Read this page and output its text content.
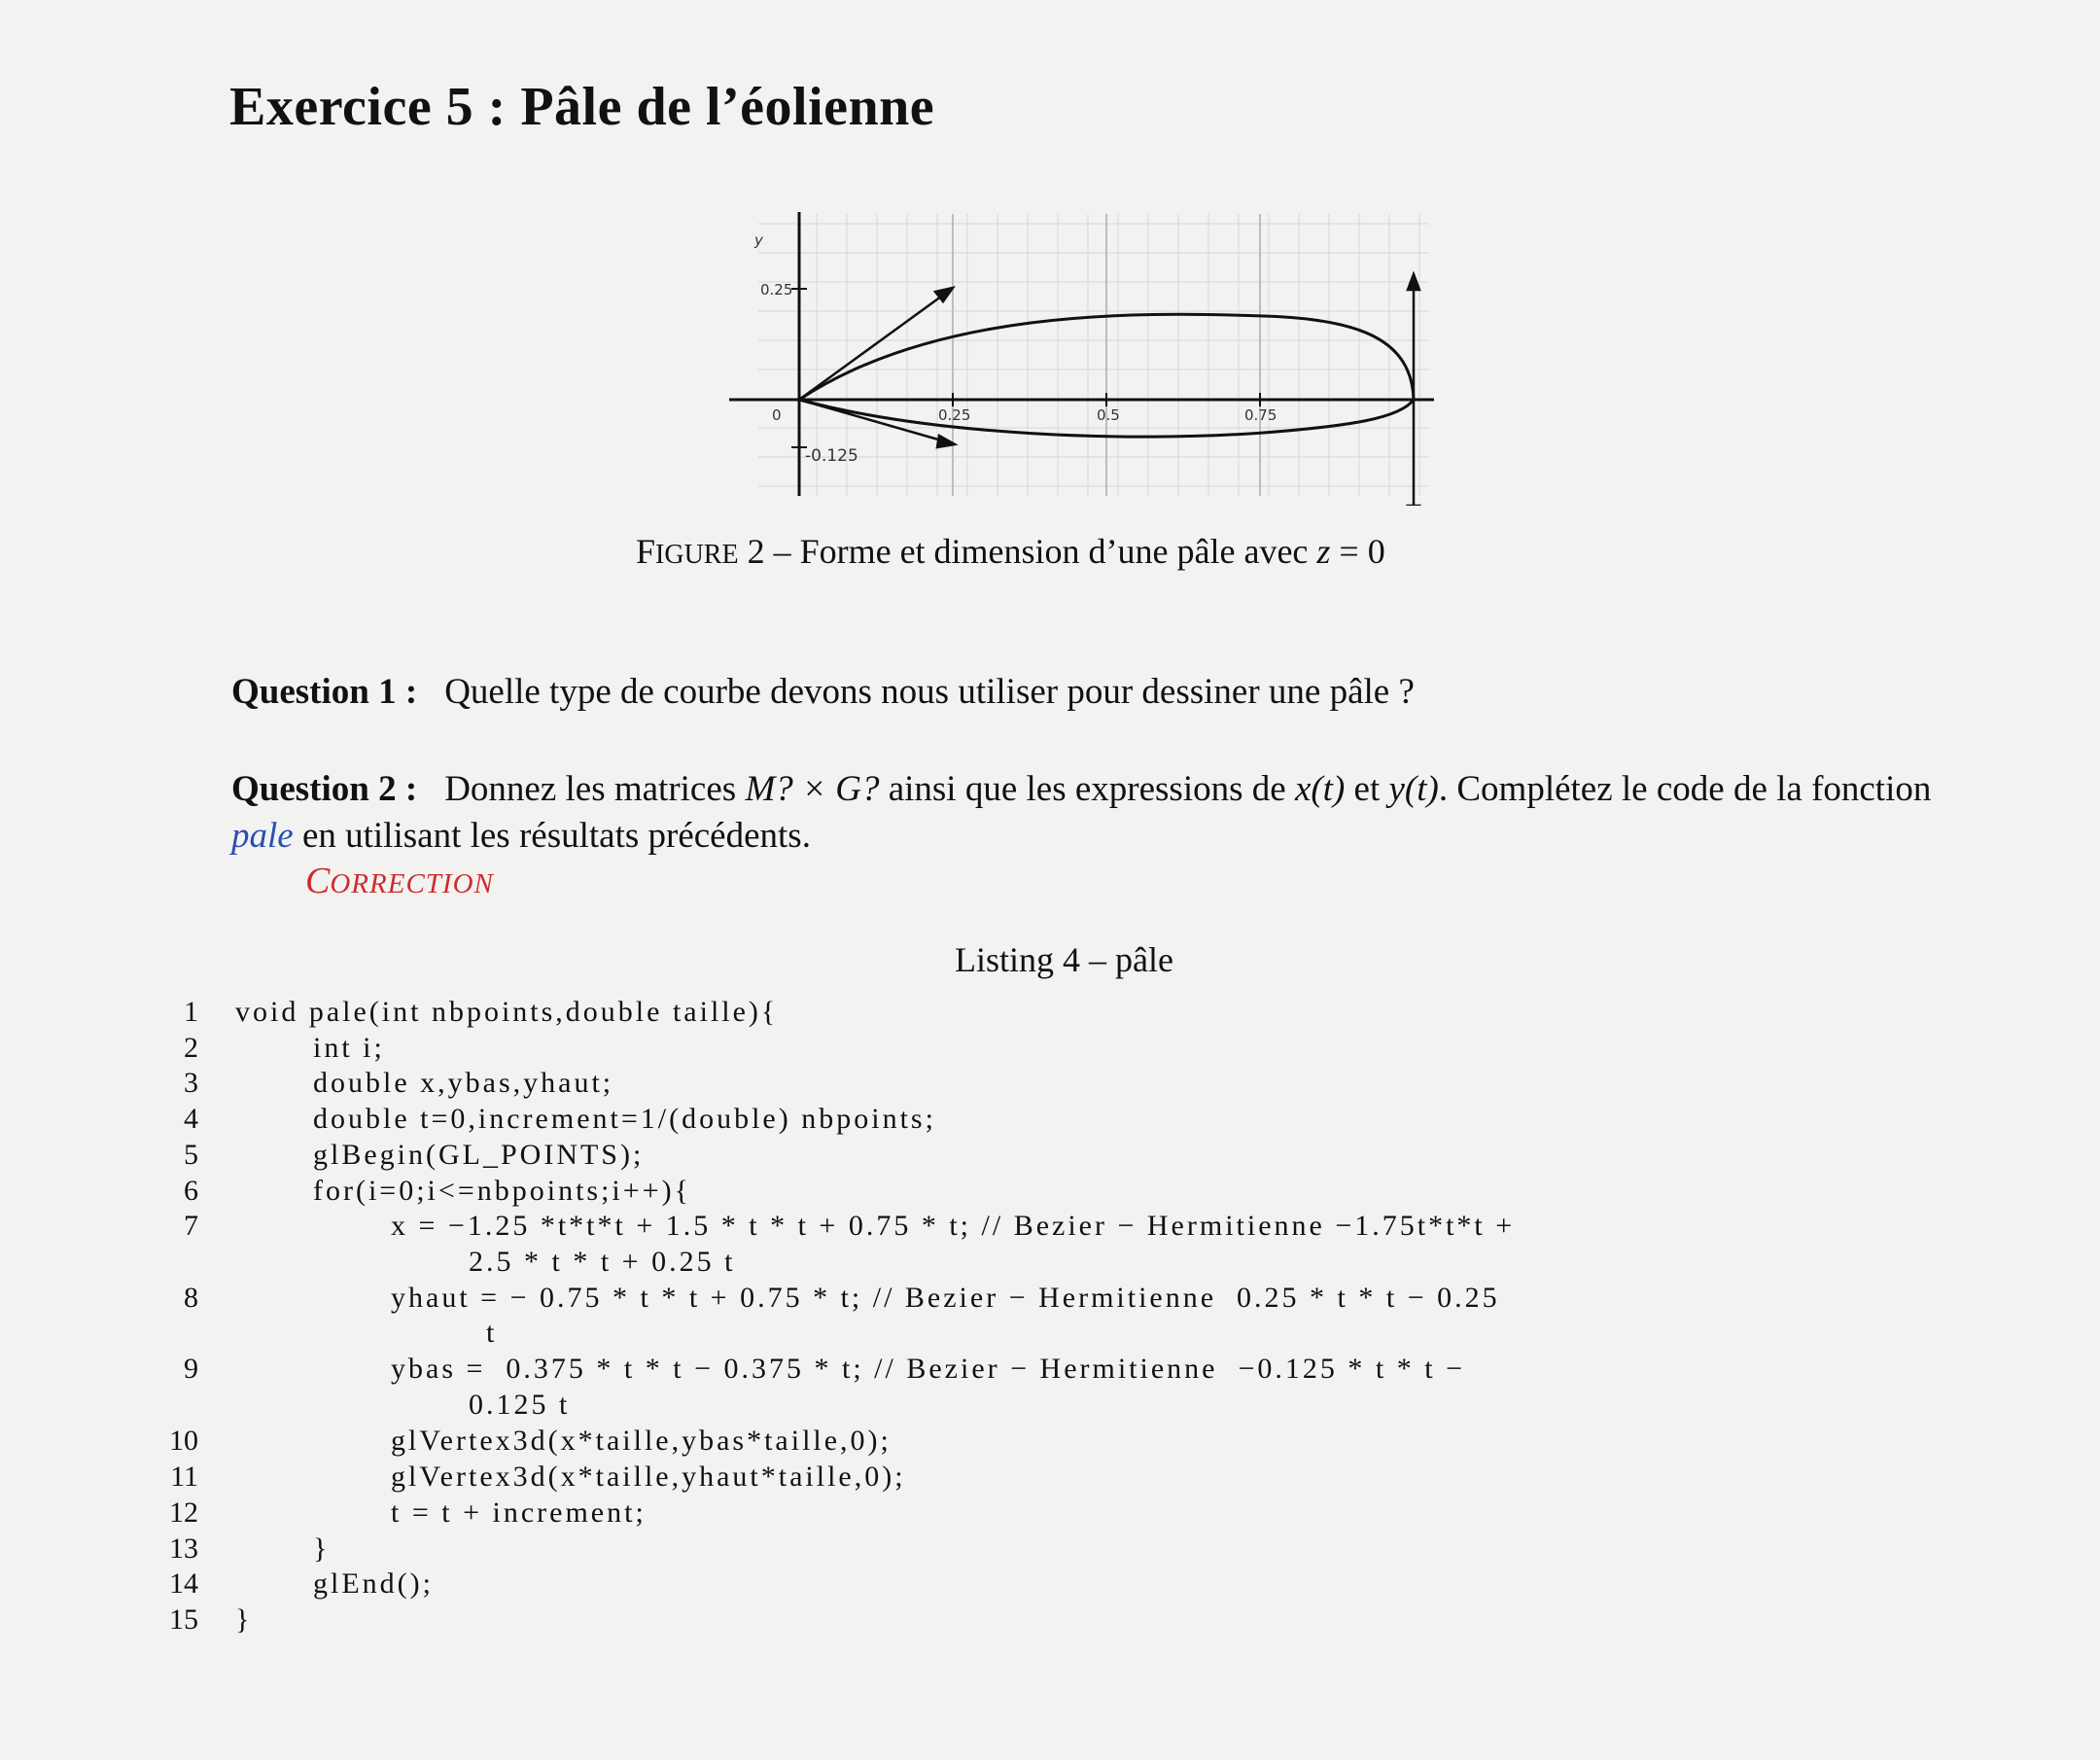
Exercice 5 : Pâle de l’éolienne
y
0	0.25	0.5	0.75
0.25
-0.125
FIGURE 2 – Forme et dimension d’une pâle avec z = 0
Question 1 : Quelle type de courbe devons nous utiliser pour dessiner une pâle ?
Question 2 : Donnez les matrices M? × G? ainsi que les expressions de x(t) et y(t). Complétez le code de la fonction pale en utilisant les résultats précédents.
CORRECTION
Listing 4 – pâle
1 void pale(int nbpoints,double taille){
2	int i;
3	double x,ybas,yhaut;
4	double t=0,increment=1/(double) nbpoints;
5	glBegin(GL_POINTS);
6	for(i=0;i<=nbpoints;i++){
7	x = −1.25 *t*t*t + 1.5 * t * t + 0.75 * t; // Bezier − Hermitienne −1.75t*t*t +
2.5 * t * t + 0.25 t
8	yhaut = − 0.75 * t * t + 0.75 * t; // Bezier − Hermitienne  0.25 * t * t − 0.25
t
9	ybas =  0.375 * t * t − 0.375 * t; // Bezier − Hermitienne  −0.125 * t * t −
0.125 t
10	glVertex3d(x*taille,ybas*taille,0);
11	glVertex3d(x*taille,yhaut*taille,0);
12	t = t + increment;
13	}
14	glEnd();
15 }
